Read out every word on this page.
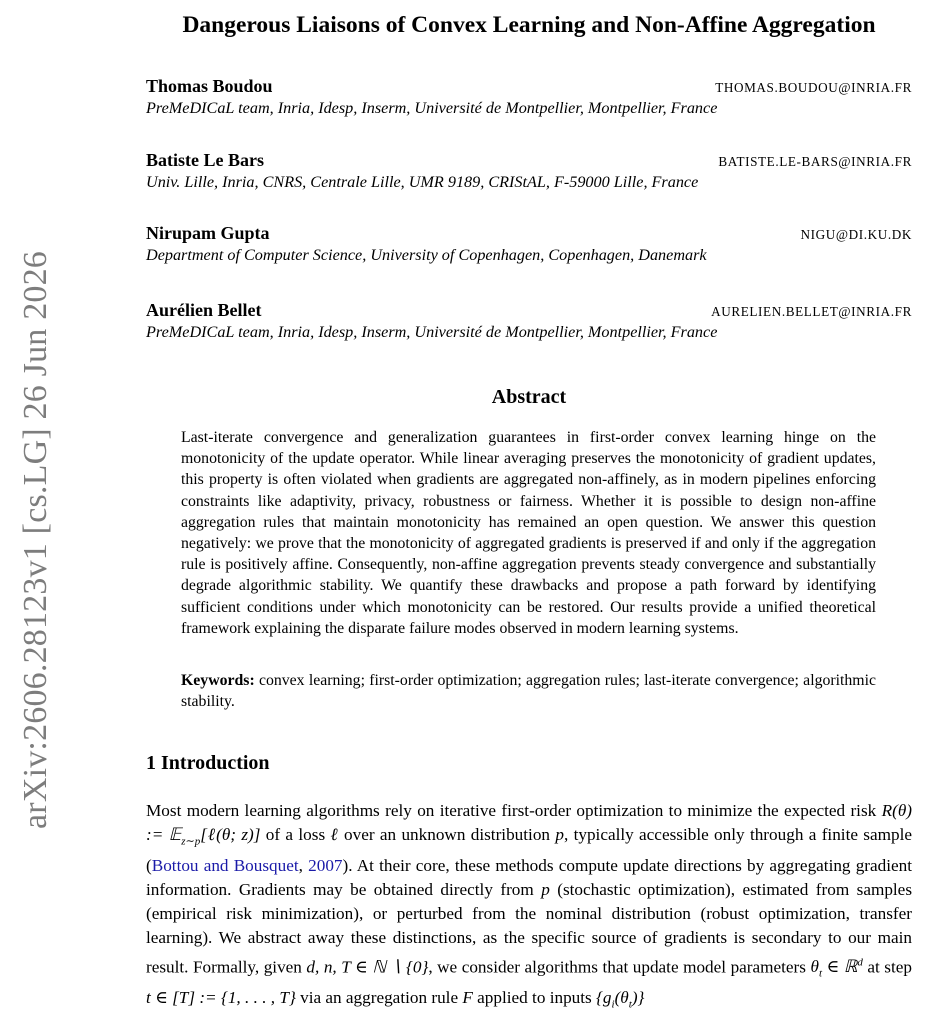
arXiv:2606.28123v1 [cs.LG] 26 Jun 2026
Dangerous Liaisons of Convex Learning and Non-Affine Aggregation
Thomas Boudou	THOMAS.BOUDOU@INRIA.FR
PreMeDICaL team, Inria, Idesp, Inserm, Université de Montpellier, Montpellier, France
Batiste Le Bars	BATISTE.LE-BARS@INRIA.FR
Univ. Lille, Inria, CNRS, Centrale Lille, UMR 9189, CRIStAL, F-59000 Lille, France
Nirupam Gupta	NIGU@DI.KU.DK
Department of Computer Science, University of Copenhagen, Copenhagen, Danemark
Aurélien Bellet	AURELIEN.BELLET@INRIA.FR
PreMeDICaL team, Inria, Idesp, Inserm, Université de Montpellier, Montpellier, France
Abstract
Last-iterate convergence and generalization guarantees in first-order convex learning hinge on the monotonicity of the update operator. While linear averaging preserves the monotonicity of gradient updates, this property is often violated when gradients are aggregated non-affinely, as in modern pipelines enforcing constraints like adaptivity, privacy, robustness or fairness. Whether it is possible to design non-affine aggregation rules that maintain monotonicity has remained an open question. We answer this question negatively: we prove that the monotonicity of aggregated gradients is preserved if and only if the aggregation rule is positively affine. Consequently, non-affine aggregation prevents steady convergence and substantially degrade algorithmic stability. We quantify these drawbacks and propose a path forward by identifying sufficient conditions under which monotonicity can be restored. Our results provide a unified theoretical framework explaining the disparate failure modes observed in modern learning systems.
Keywords: convex learning; first-order optimization; aggregation rules; last-iterate convergence; algorithmic stability.
1 Introduction
Most modern learning algorithms rely on iterative first-order optimization to minimize the expected risk R(θ) := 𝔼$_{z\sim p}$[ℓ(θ; z)] of a loss ℓ over an unknown distribution p, typically accessible only through a finite sample (Bottou and Bousquet, 2007). At their core, these methods compute update directions by aggregating gradient information. Gradients may be obtained directly from p (stochastic optimization), estimated from samples (empirical risk minimization), or perturbed from the nominal distribution (robust optimization, transfer learning). We abstract away these distinctions, as the specific source of gradients is secondary to our main result. Formally, given d, n, T ∈ ℕ ∖ {0}, we consider algorithms that update model parameters $\theta_t$ ∈ ℝ$^d$ at step t ∈ [T] := {1, . . . , T} via an aggregation rule F applied to inputs $\{g_i(\theta_t)\}$
